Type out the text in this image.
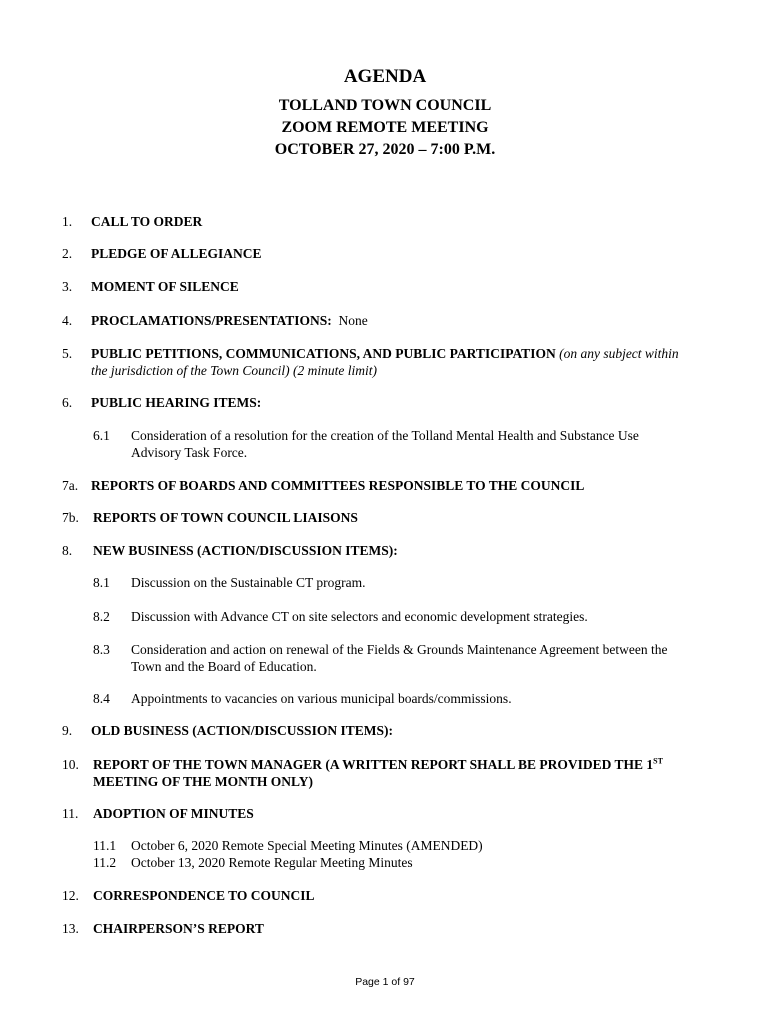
AGENDA
TOLLAND TOWN COUNCIL
ZOOM REMOTE MEETING
OCTOBER 27, 2020 – 7:00 P.M.
1. CALL TO ORDER
2. PLEDGE OF ALLEGIANCE
3. MOMENT OF SILENCE
4. PROCLAMATIONS/PRESENTATIONS: None
5. PUBLIC PETITIONS, COMMUNICATIONS, AND PUBLIC PARTICIPATION (on any subject within
the jurisdiction of the Town Council) (2 minute limit)
6. PUBLIC HEARING ITEMS:
6.1 Consideration of a resolution for the creation of the Tolland Mental Health and Substance Use
Advisory Task Force.
7a. REPORTS OF BOARDS AND COMMITTEES RESPONSIBLE TO THE COUNCIL
7b. REPORTS OF TOWN COUNCIL LIAISONS
8. NEW BUSINESS (ACTION/DISCUSSION ITEMS):
8.1 Discussion on the Sustainable CT program.
8.2 Discussion with Advance CT on site selectors and economic development strategies.
8.3 Consideration and action on renewal of the Fields & Grounds Maintenance Agreement between the
Town and the Board of Education.
8.4 Appointments to vacancies on various municipal boards/commissions.
9. OLD BUSINESS (ACTION/DISCUSSION ITEMS):
10. REPORT OF THE TOWN MANAGER (A WRITTEN REPORT SHALL BE PROVIDED THE 1ST
MEETING OF THE MONTH ONLY)
11. ADOPTION OF MINUTES
11.1 October 6, 2020 Remote Special Meeting Minutes (AMENDED)
11.2 October 13, 2020 Remote Regular Meeting Minutes
12. CORRESPONDENCE TO COUNCIL
13. CHAIRPERSON’S REPORT
Page 1 of 97
